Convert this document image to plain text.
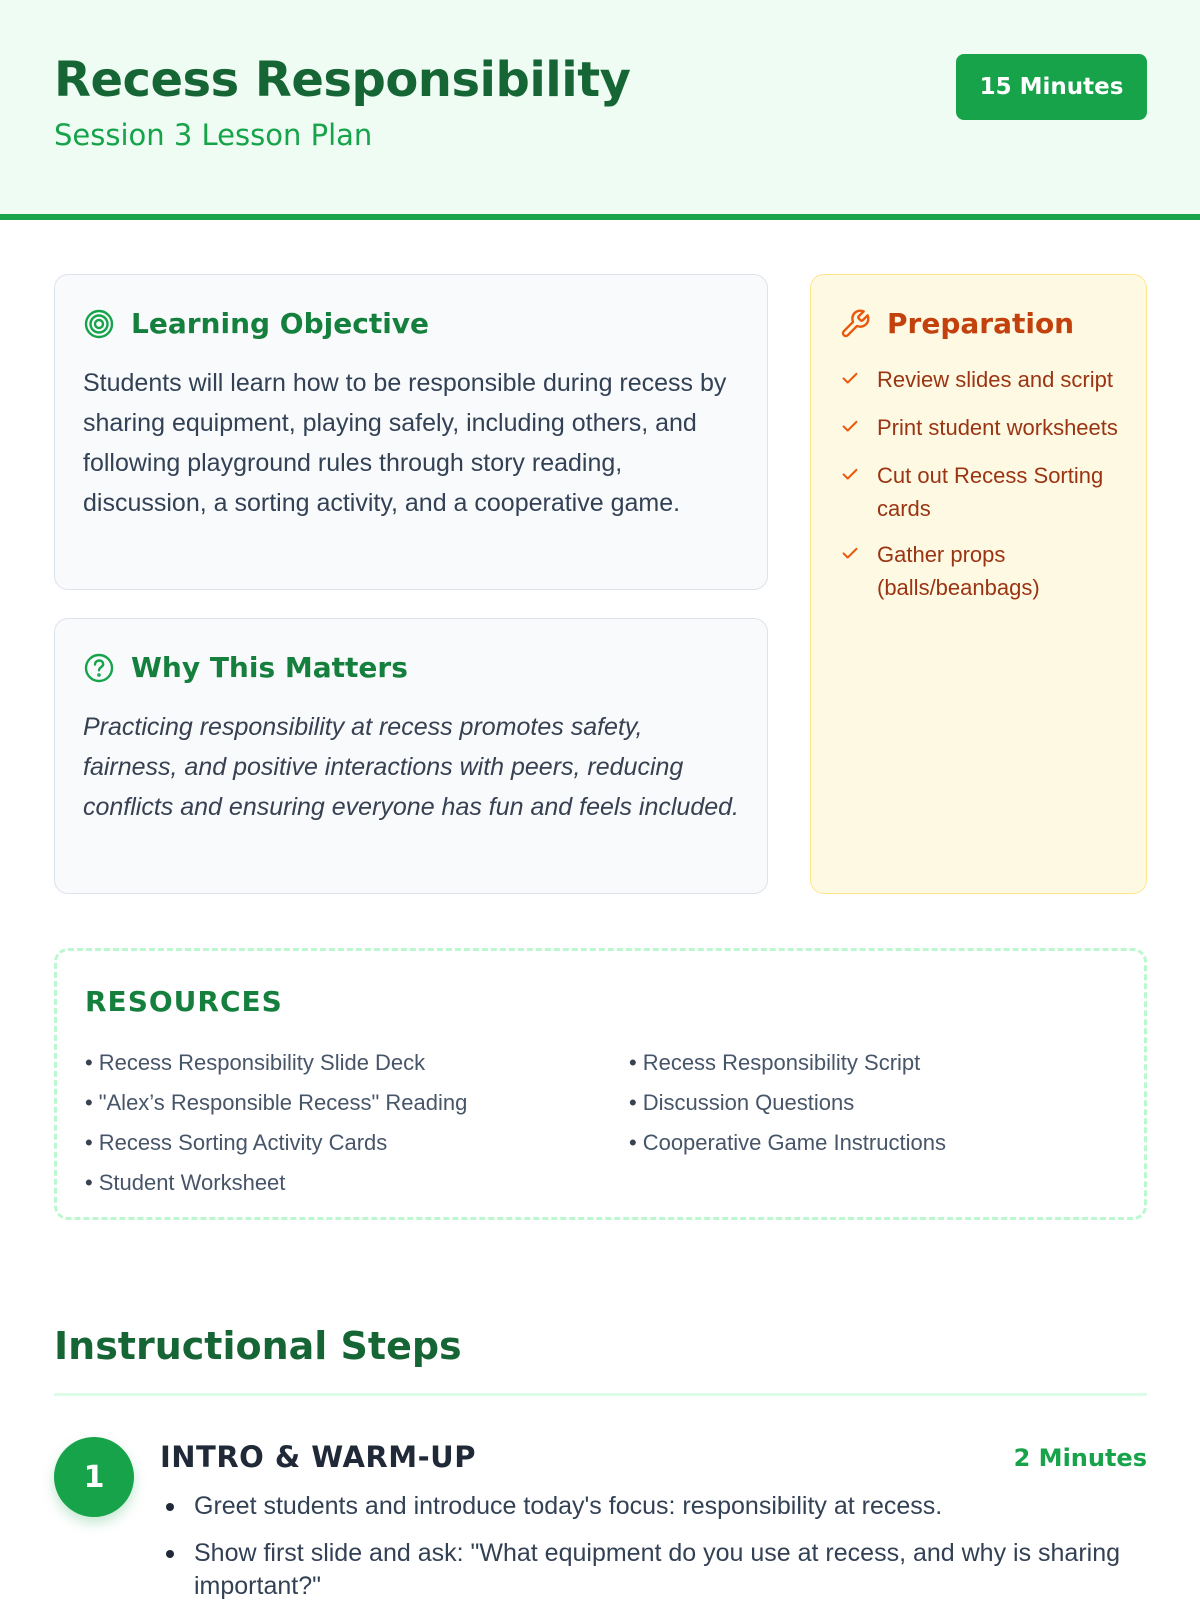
Recess Responsibility
Session 3 Lesson Plan
15 Minutes
Learning Objective
Students will learn how to be responsible during recess by sharing equipment, playing safely, including others, and following playground rules through story reading, discussion, a sorting activity, and a cooperative game.
Why This Matters
Practicing responsibility at recess promotes safety, fairness, and positive interactions with peers, reducing conflicts and ensuring everyone has fun and feels included.
Preparation
Review slides and script
Print student worksheets
Cut out Recess Sorting cards
Gather props (balls/beanbags)
RESOURCES
• Recess Responsibility Slide Deck
• "Alex’s Responsible Recess" Reading
• Recess Sorting Activity Cards
• Student Worksheet
• Recess Responsibility Script
• Discussion Questions
• Cooperative Game Instructions
Instructional Steps
1
INTRO & WARM-UP	2 Minutes
Greet students and introduce today's focus: responsibility at recess.
Show first slide and ask: "What equipment do you use at recess, and why is sharing important?"
